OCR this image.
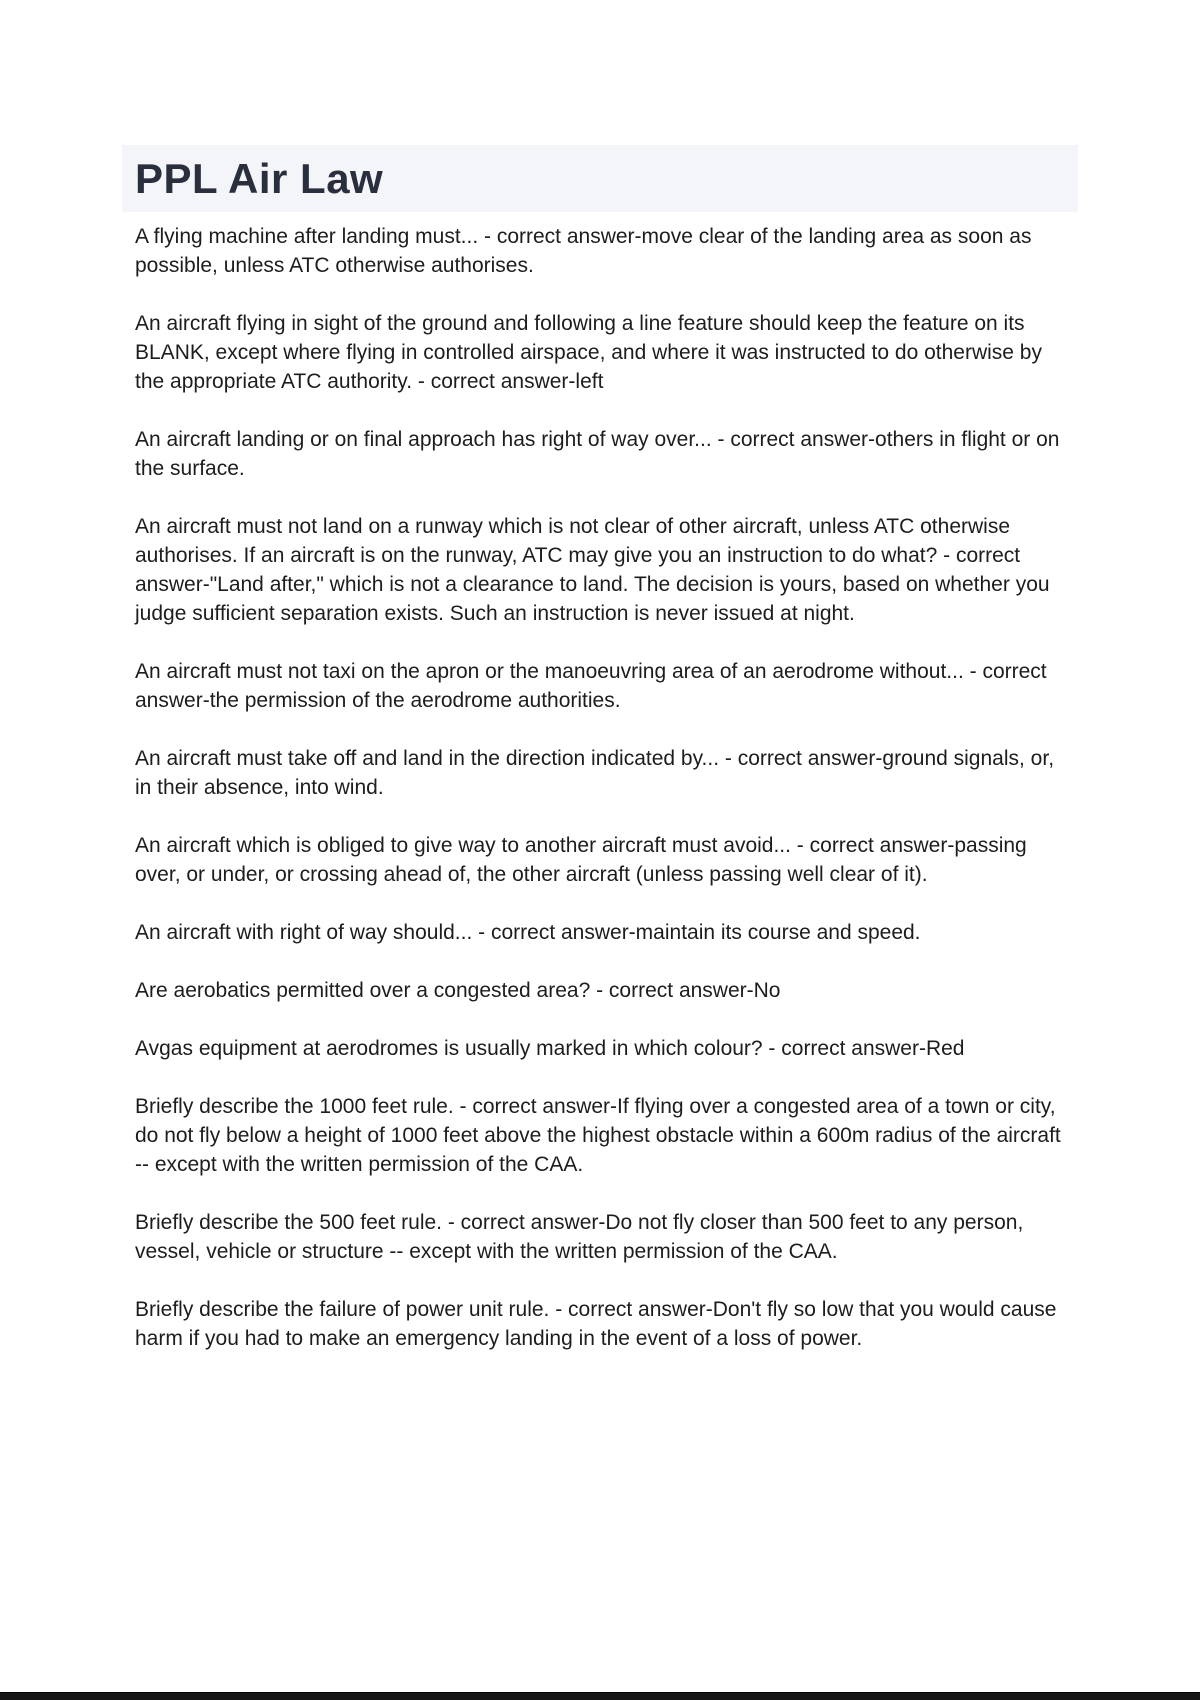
PPL Air Law

A flying machine after landing must... - correct answer-move clear of the landing area as soon as possible, unless ATC otherwise authorises.

An aircraft flying in sight of the ground and following a line feature should keep the feature on its BLANK, except where flying in controlled airspace, and where it was instructed to do otherwise by the appropriate ATC authority. - correct answer-left

An aircraft landing or on final approach has right of way over... - correct answer-others in flight or on the surface.

An aircraft must not land on a runway which is not clear of other aircraft, unless ATC otherwise authorises. If an aircraft is on the runway, ATC may give you an instruction to do what? - correct answer-"Land after," which is not a clearance to land. The decision is yours, based on whether you judge sufficient separation exists. Such an instruction is never issued at night.

An aircraft must not taxi on the apron or the manoeuvring area of an aerodrome without... - correct answer-the permission of the aerodrome authorities.

An aircraft must take off and land in the direction indicated by... - correct answer-ground signals, or, in their absence, into wind.

An aircraft which is obliged to give way to another aircraft must avoid... - correct answer-passing over, or under, or crossing ahead of, the other aircraft (unless passing well clear of it).

An aircraft with right of way should... - correct answer-maintain its course and speed.

Are aerobatics permitted over a congested area? - correct answer-No

Avgas equipment at aerodromes is usually marked in which colour? - correct answer-Red

Briefly describe the 1000 feet rule. - correct answer-If flying over a congested area of a town or city, do not fly below a height of 1000 feet above the highest obstacle within a 600m radius of the aircraft -- except with the written permission of the CAA.

Briefly describe the 500 feet rule. - correct answer-Do not fly closer than 500 feet to any person, vessel, vehicle or structure -- except with the written permission of the CAA.

Briefly describe the failure of power unit rule. - correct answer-Don't fly so low that you would cause harm if you had to make an emergency landing in the event of a loss of power.
